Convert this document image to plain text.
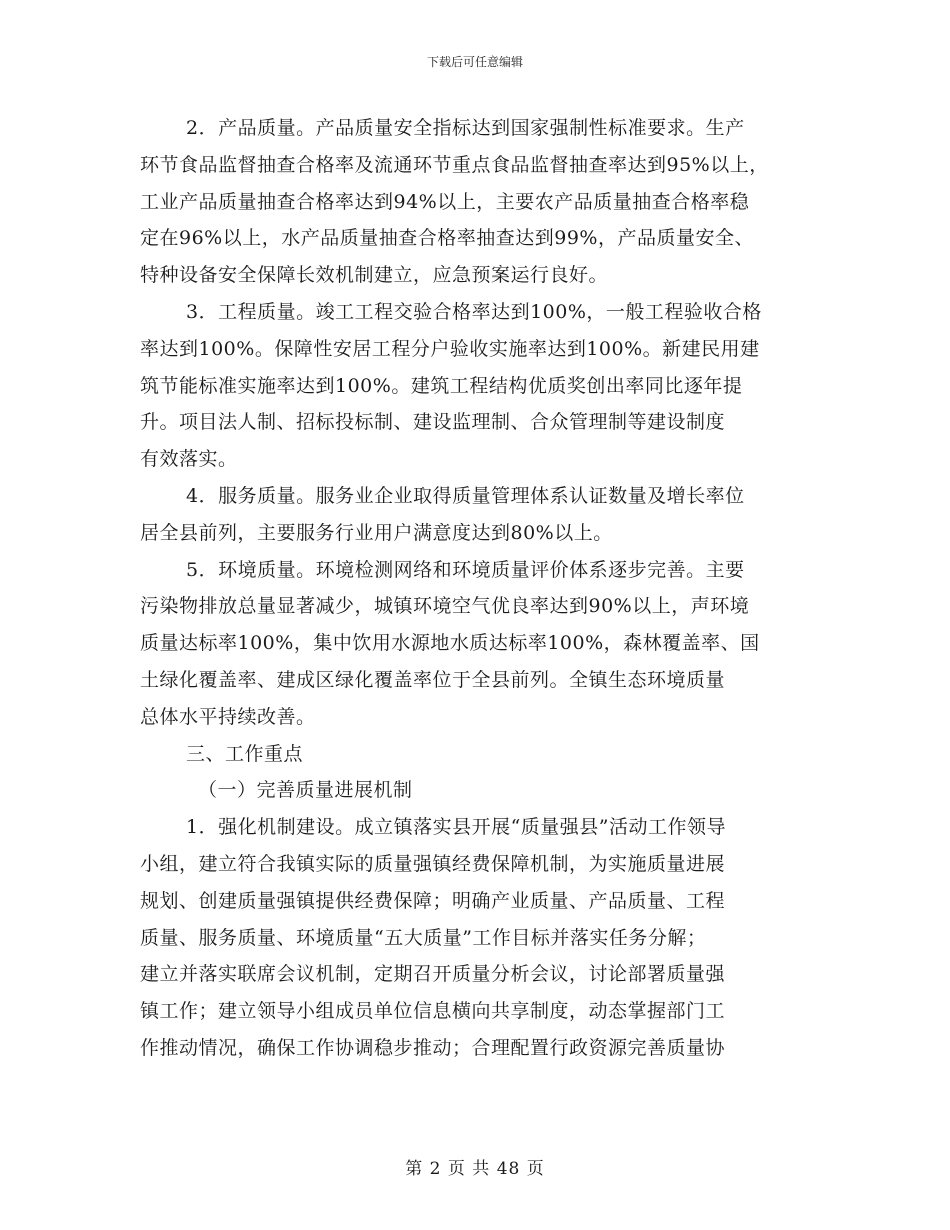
下载后可任意编辑
2．产品质量。产品质量安全指标达到国家强制性标准要求。生产
环节食品监督抽查合格率及流通环节重点食品监督抽查率达到95%以上，
工业产品质量抽查合格率达到94%以上，主要农产品质量抽查合格率稳
定在96%以上，水产品质量抽查合格率抽查达到99%，产品质量安全、
特种设备安全保障长效机制建立，应急预案运行良好。
3．工程质量。竣工工程交验合格率达到100%，一般工程验收合格
率达到100%。保障性安居工程分户验收实施率达到100%。新建民用建
筑节能标准实施率达到100%。建筑工程结构优质奖创出率同比逐年提
升。项目法人制、招标投标制、建设监理制、合众管理制等建设制度
有效落实。
4．服务质量。服务业企业取得质量管理体系认证数量及增长率位
居全县前列，主要服务行业用户满意度达到80%以上。
5．环境质量。环境检测网络和环境质量评价体系逐步完善。主要
污染物排放总量显著减少，城镇环境空气优良率达到90%以上，声环境
质量达标率100%，集中饮用水源地水质达标率100%，森林覆盖率、国
土绿化覆盖率、建成区绿化覆盖率位于全县前列。全镇生态环境质量
总体水平持续改善。
三、工作重点
（一）完善质量进展机制
1．强化机制建设。成立镇落实县开展“质量强县”活动工作领导
小组，建立符合我镇实际的质量强镇经费保障机制，为实施质量进展
规划、创建质量强镇提供经费保障；明确产业质量、产品质量、工程
质量、服务质量、环境质量“五大质量”工作目标并落实任务分解；
建立并落实联席会议机制，定期召开质量分析会议，讨论部署质量强
镇工作；建立领导小组成员单位信息横向共享制度，动态掌握部门工
作推动情况，确保工作协调稳步推动；合理配置行政资源完善质量协
第 2 页 共 48 页
